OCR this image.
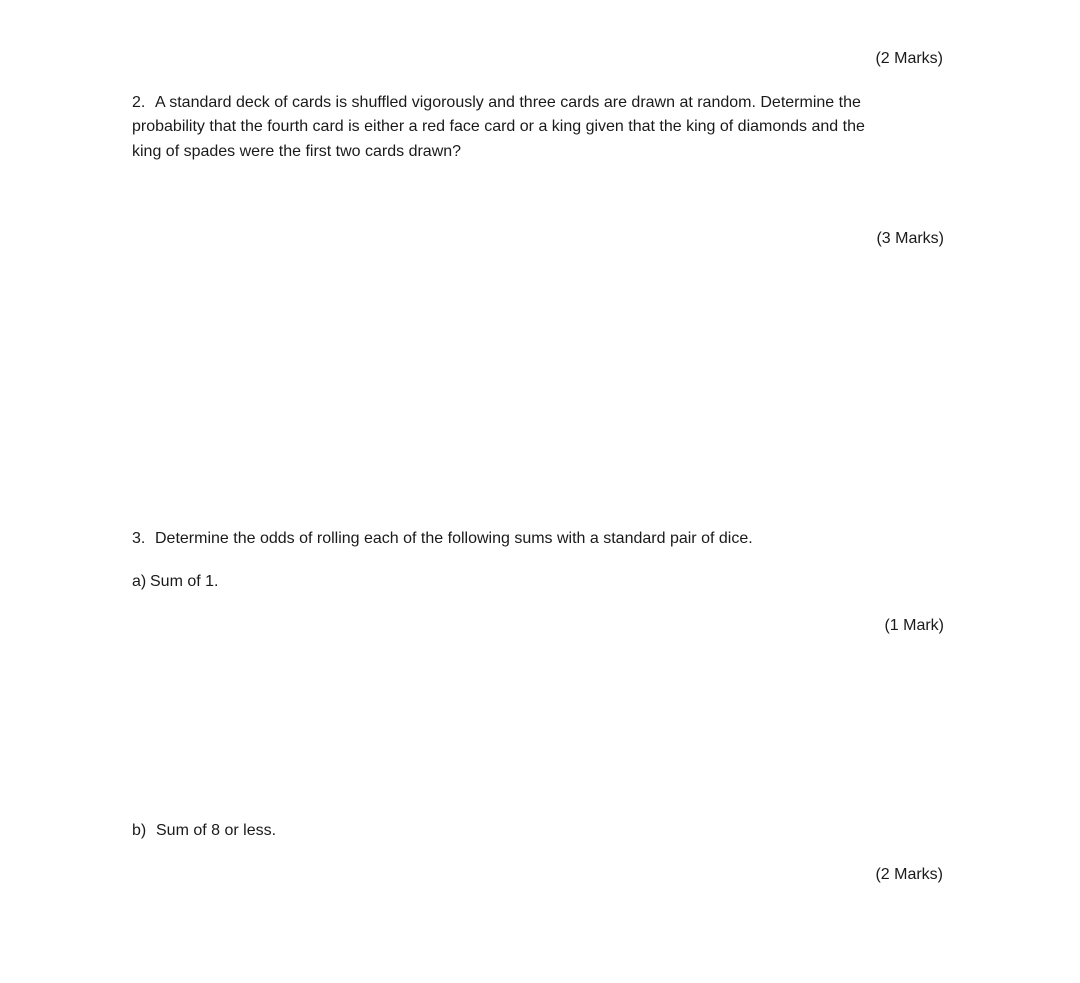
(2 Marks)
2. A standard deck of cards is shuffled vigorously and three cards are drawn at random. Determine the
probability that the fourth card is either a red face card or a king given that the king of diamonds and the
king of spades were the first two cards drawn?
(3 Marks)
3. Determine the odds of rolling each of the following sums with a standard pair of dice.
a) Sum of 1.
(1 Mark)
b) Sum of 8 or less.
(2 Marks)
